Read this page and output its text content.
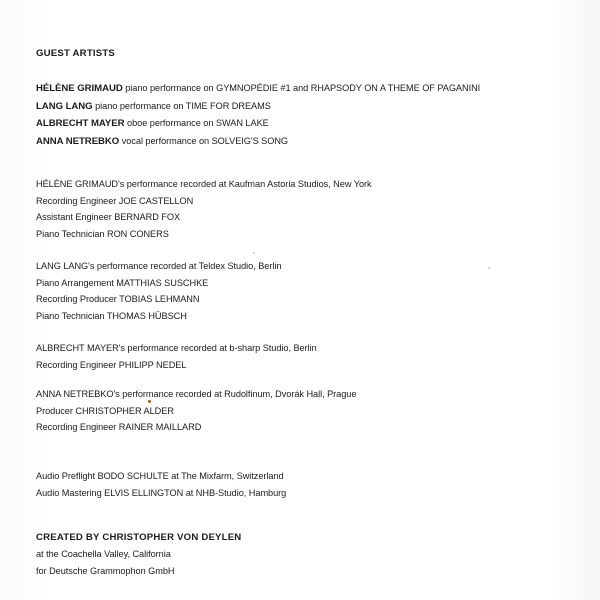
GUEST ARTISTS
HÉLÈNE GRIMAUD piano performance on GYMNOPÉDIE #1 and RHAPSODY ON A THEME OF PAGANINI
LANG LANG piano performance on TIME FOR DREAMS
ALBRECHT MAYER oboe performance on SWAN LAKE
ANNA NETREBKO vocal performance on SOLVEIG'S SONG
HÉLÈNE GRIMAUD's performance recorded at Kaufman Astoria Studios, New York
Recording Engineer JOE CASTELLON
Assistant Engineer BERNARD FOX
Piano Technician RON CONERS
LANG LANG's performance recorded at Teldex Studio, Berlin
Piano Arrangement MATTHIAS SUSCHKE
Recording Producer TOBIAS LEHMANN
Piano Technician THOMAS HÜBSCH
ALBRECHT MAYER's performance recorded at b-sharp Studio, Berlin
Recording Engineer PHILIPP NEDEL
ANNA NETREBKO's performance recorded at Rudolfinum, Dvorák Hall, Prague
Producer CHRISTOPHER ALDER
Recording Engineer RAINER MAILLARD
Audio Preflight BODO SCHULTE at The Mixfarm, Switzerland
Audio Mastering ELVIS ELLINGTON at NHB-Studio, Hamburg
CREATED BY CHRISTOPHER VON DEYLEN
at the Coachella Valley, California
for Deutsche Grammophon GmbH
